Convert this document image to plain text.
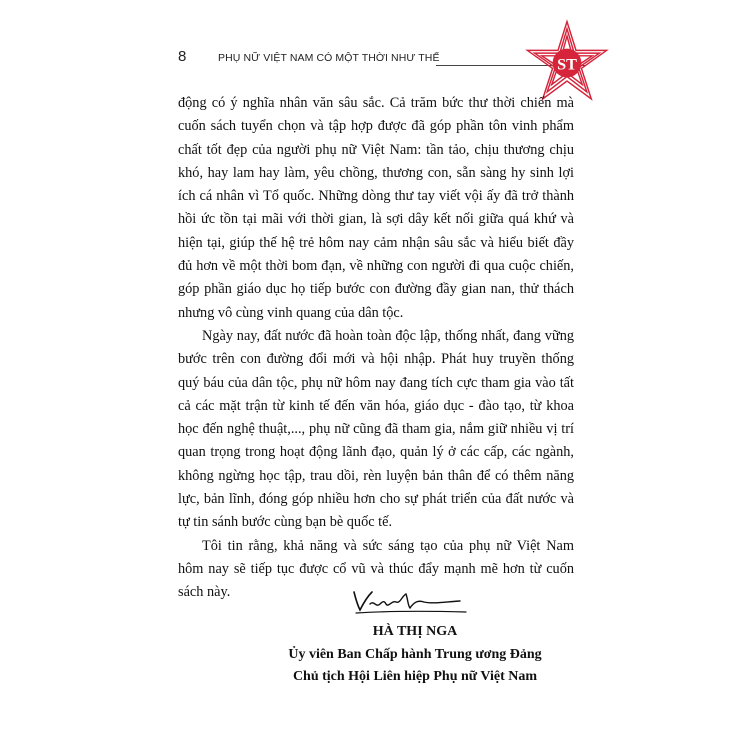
8	PHỤ NỮ VIỆT NAM CÓ MỘT THỜI NHƯ THẾ	ST

động có ý nghĩa nhân văn sâu sắc. Cả trăm bức thư thời chiến mà cuốn sách tuyển chọn và tập hợp được đã góp phần tôn vinh phẩm chất tốt đẹp của người phụ nữ Việt Nam: tần tảo, chịu thương chịu khó, hay lam hay làm, yêu chồng, thương con, sẵn sàng hy sinh lợi ích cá nhân vì Tổ quốc. Những dòng thư tay viết vội ấy đã trở thành hồi ức tồn tại mãi với thời gian, là sợi dây kết nối giữa quá khứ và hiện tại, giúp thế hệ trẻ hôm nay cảm nhận sâu sắc và hiểu biết đầy đủ hơn về một thời bom đạn, về những con người đi qua cuộc chiến, góp phần giáo dục họ tiếp bước con đường đầy gian nan, thử thách nhưng vô cùng vinh quang của dân tộc.

Ngày nay, đất nước đã hoàn toàn độc lập, thống nhất, đang vững bước trên con đường đổi mới và hội nhập. Phát huy truyền thống quý báu của dân tộc, phụ nữ hôm nay đang tích cực tham gia vào tất cả các mặt trận từ kinh tế đến văn hóa, giáo dục - đào tạo, từ khoa học đến nghệ thuật,..., phụ nữ cũng đã tham gia, nắm giữ nhiều vị trí quan trọng trong hoạt động lãnh đạo, quản lý ở các cấp, các ngành, không ngừng học tập, trau dồi, rèn luyện bản thân để có thêm năng lực, bản lĩnh, đóng góp nhiều hơn cho sự phát triển của đất nước và tự tin sánh bước cùng bạn bè quốc tế.

Tôi tin rằng, khả năng và sức sáng tạo của phụ nữ Việt Nam hôm nay sẽ tiếp tục được cổ vũ và thúc đẩy mạnh mẽ hơn từ cuốn sách này.

HÀ THỊ NGA
Ủy viên Ban Chấp hành Trung ương Đảng
Chủ tịch Hội Liên hiệp Phụ nữ Việt Nam
